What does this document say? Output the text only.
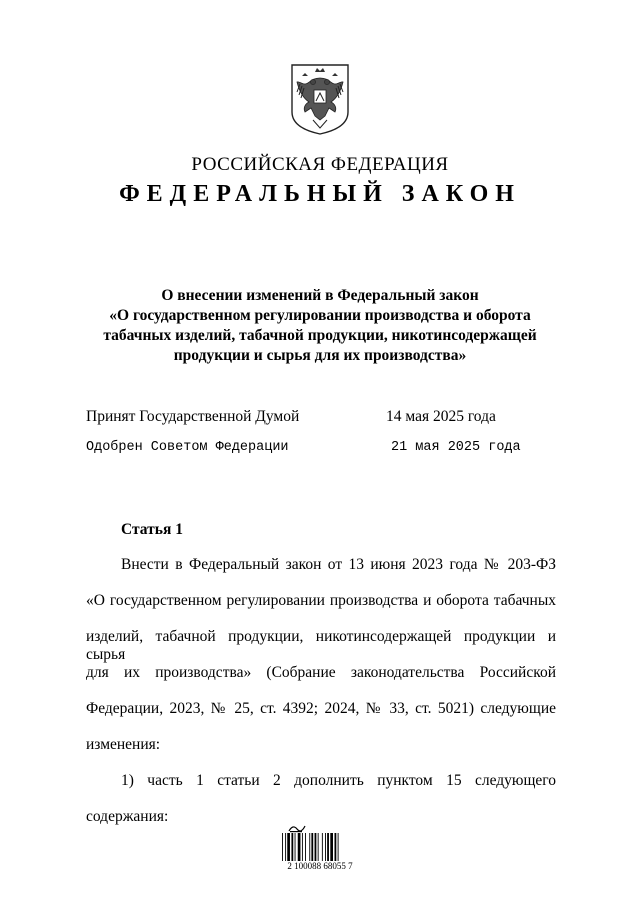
РОССИЙСКАЯ ФЕДЕРАЦИЯ
ФЕДЕРАЛЬНЫЙ ЗАКОН
О внесении изменений в Федеральный закон
«О государственном регулировании производства и оборота
табачных изделий, табачной продукции, никотинсодержащей
продукции и сырья для их производства»
Принят Государственной Думой	14 мая 2025 года
Одобрен Советом Федерации	21 мая 2025 года
Статья 1
Внести в Федеральный закон от 13 июня 2023 года № 203-ФЗ
«О государственном регулировании производства и оборота табачных
изделий, табачной продукции, никотинсодержащей продукции и сырья
для их производства» (Собрание законодательства Российской
Федерации, 2023, № 25, ст. 4392; 2024, № 33, ст. 5021) следующие
изменения:
1) часть 1 статьи 2 дополнить пунктом 15 следующего
содержания:
2 100088 68055 7
